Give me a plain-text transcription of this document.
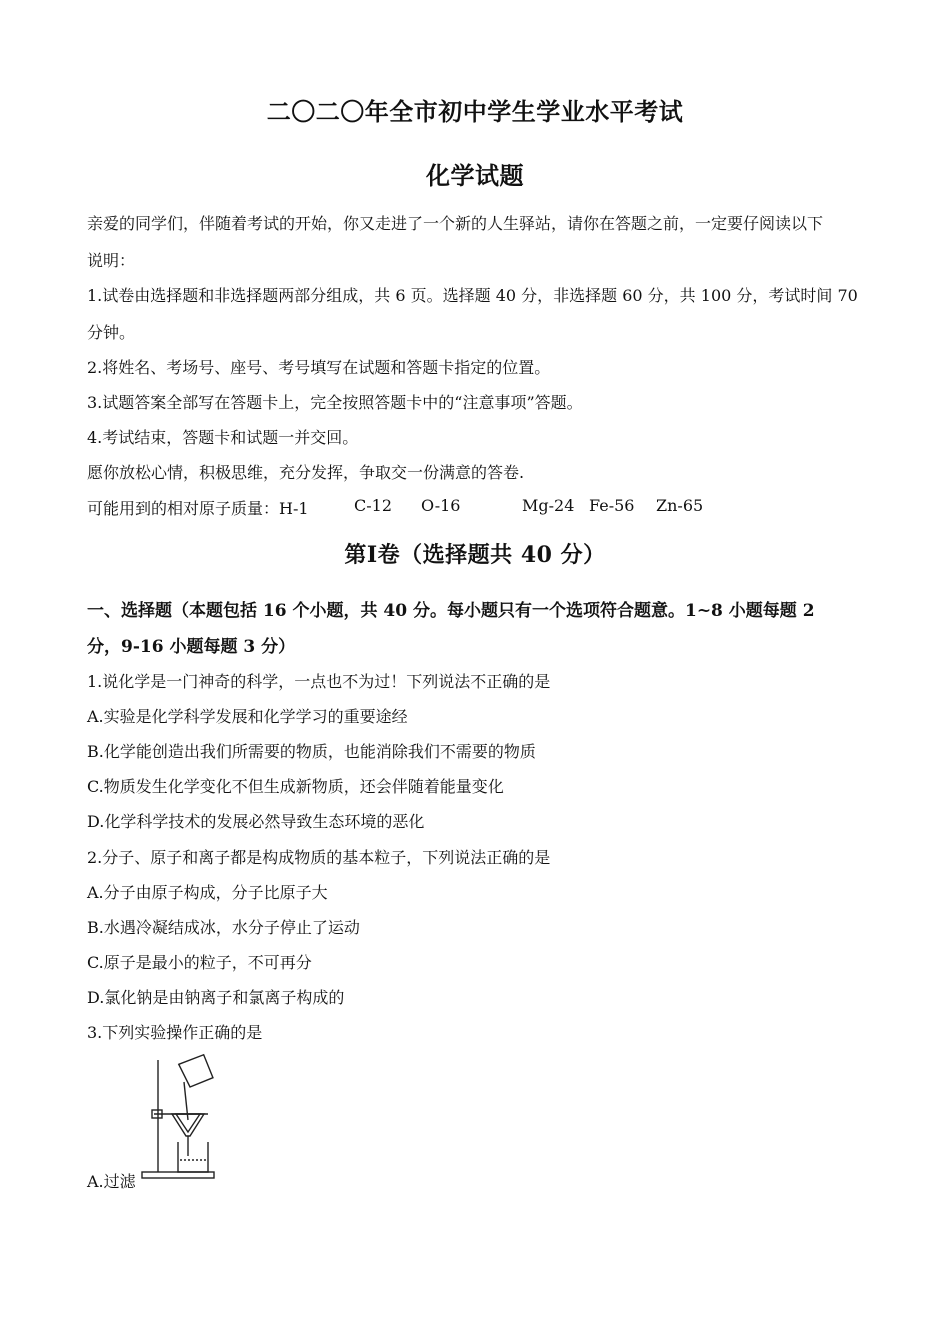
二〇二〇年全市初中学生学业水平考试
化学试题
亲爱的同学们，伴随着考试的开始，你又走进了一个新的人生驿站，请你在答题之前，一定要仔阅读以下
说明：
1.试卷由选择题和非选择题两部分组成，共 6 页。选择题 40 分，非选择题 60 分，共 100 分，考试时间 70
分钟。
2.将姓名、考场号、座号、考号填写在试题和答题卡指定的位置。
3.试题答案全部写在答题卡上，完全按照答题卡中的“注意事项”答题。
4.考试结束，答题卡和试题一并交回。
愿你放松心情，积极思维，充分发挥，争取交一份满意的答卷.
可能用到的相对原子质量：H-1	C-12	O-16	Mg-24 Fe-56	Zn-65
第Ⅰ卷（选择题共 40 分）
一、选择题（本题包括 16 个小题，共 40 分。每小题只有一个选项符合题意。1~8 小题每题 2
分，9-16 小题每题 3 分）
1.说化学是一门神奇的科学，一点也不为过！下列说法不正确的是
A.实验是化学科学发展和化学学习的重要途经
B.化学能创造出我们所需要的物质，也能消除我们不需要的物质
C.物质发生化学变化不但生成新物质，还会伴随着能量变化
D.化学科学技术的发展必然导致生态环境的恶化
2.分子、原子和离子都是构成物质的基本粒子，下列说法正确的是
A.分子由原子构成，分子比原子大
B.水遇冷凝结成冰，水分子停止了运动
C.原子是最小的粒子，不可再分
D.氯化钠是由钠离子和氯离子构成的
3.下列实验操作正确的是
A.过滤
